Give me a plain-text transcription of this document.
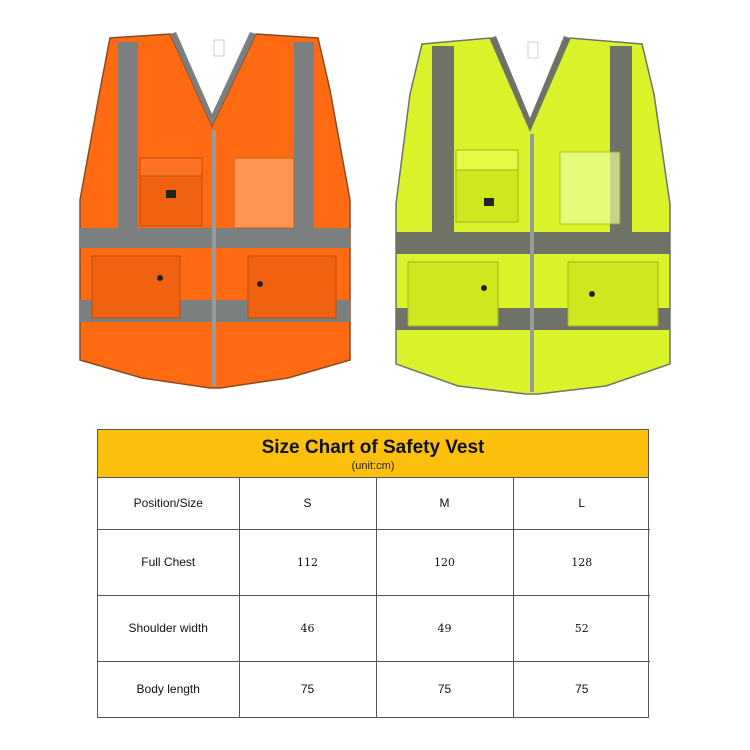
Size Chart of Safety Vest
(unit:cm)
Position/Size	S	M	L
Full Chest	112	120	128
Shoulder width	46	49	52
Body length	75	75	75
